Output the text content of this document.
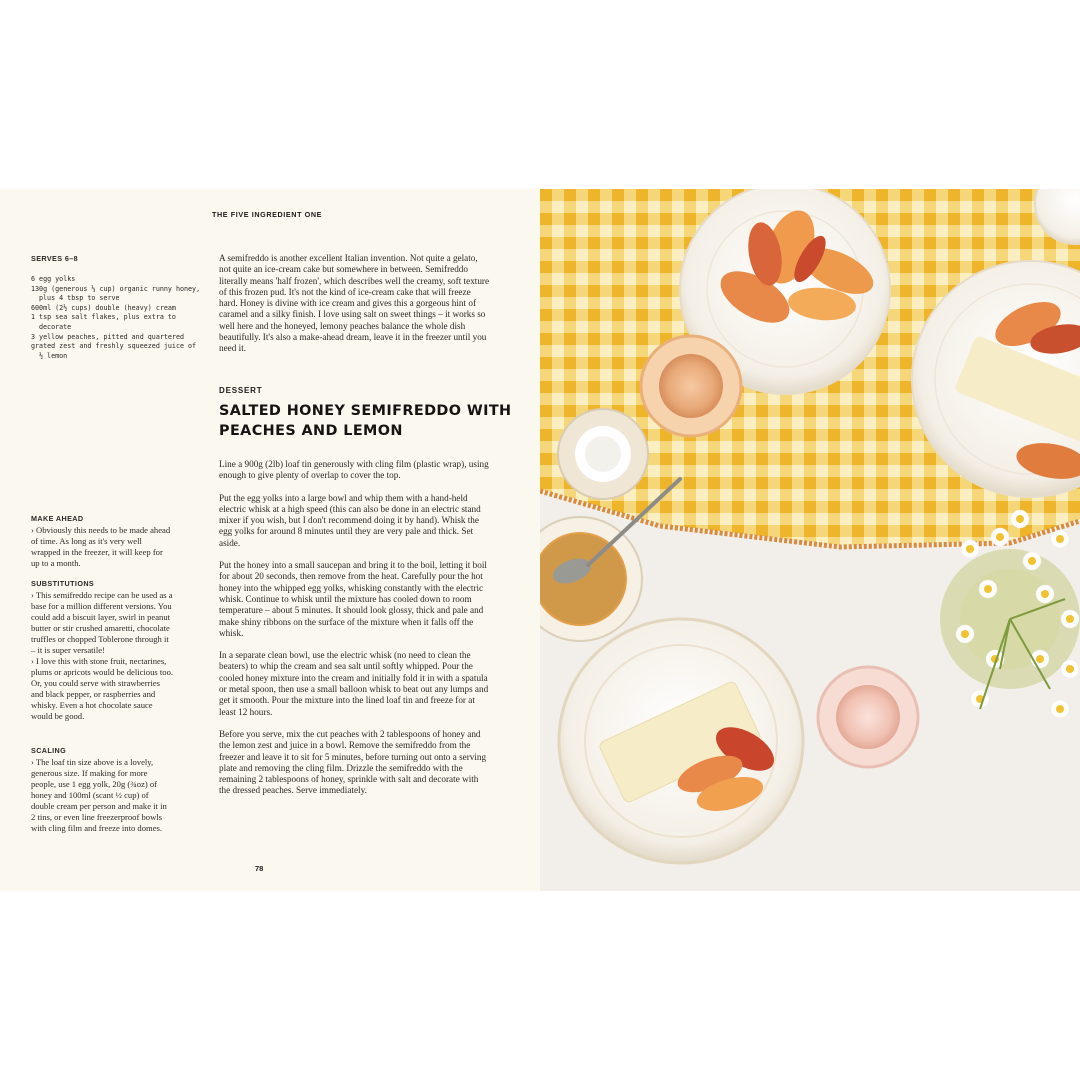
THE FIVE INGREDIENT ONE
SERVES 6–8
6 egg yolks
130g (generous ⅓ cup) organic runny honey, plus 4 tbsp to serve
600ml (2½ cups) double (heavy) cream
1 tsp sea salt flakes, plus extra to decorate
3 yellow peaches, pitted and quartered
grated zest and freshly squeezed juice of ½ lemon
MAKE AHEAD

› Obviously this needs to be made ahead of time. As long as it's very well wrapped in the freezer, it will keep for up to a month.

SUBSTITUTIONS

› This semifreddo recipe can be used as a base for a million different versions. You could add a biscuit layer, swirl in peanut butter or stir crushed amaretti, chocolate truffles or chopped Toblerone through it – it is super versatile!

› I love this with stone fruit, nectarines, plums or apricots would be delicious too. Or, you could serve with strawberries and black pepper, or raspberries and whisky. Even a hot chocolate sauce would be good.

SCALING

› The loaf tin size above is a lovely, generous size. If making for more people, use 1 egg yolk, 20g (¾oz) of honey and 100ml (scant ½ cup) of double cream per person and make it in 2 tins, or even line freezerproof bowls with cling film and freeze into domes.

A semifreddo is another excellent Italian invention. Not quite a gelato, not quite an ice-cream cake but somewhere in between. Semifreddo literally means 'half frozen', which describes well the creamy, soft texture of this frozen pud. It's not the kind of ice-cream cake that will freeze hard. Honey is divine with ice cream and gives this a gorgeous hint of caramel and a silky finish. I love using salt on sweet things – it works so well here and the honeyed, lemony peaches balance the whole dish beautifully. It's also a make-ahead dream, leave it in the freezer until you need it.

DESSERT
SALTED HONEY SEMIFREDDO WITH PEACHES AND LEMON

Line a 900g (2lb) loaf tin generously with cling film (plastic wrap), using enough to give plenty of overlap to cover the top.

Put the egg yolks into a large bowl and whip them with a hand-held electric whisk at a high speed (this can also be done in an electric stand mixer if you wish, but I don't recommend doing it by hand). Whisk the egg yolks for around 8 minutes until they are very pale and thick. Set aside.

Put the honey into a small saucepan and bring it to the boil, letting it boil for about 20 seconds, then remove from the heat. Carefully pour the hot honey into the whipped egg yolks, whisking constantly with the electric whisk. Continue to whisk until the mixture has cooled down to room temperature – about 5 minutes. It should look glossy, thick and pale and make shiny ribbons on the surface of the mixture when it falls off the whisk.

In a separate clean bowl, use the electric whisk (no need to clean the beaters) to whip the cream and sea salt until softly whipped. Pour the cooled honey mixture into the cream and initially fold it in with a spatula or metal spoon, then use a small balloon whisk to beat out any lumps and get it smooth. Pour the mixture into the lined loaf tin and freeze for at least 12 hours.

Before you serve, mix the cut peaches with 2 tablespoons of honey and the lemon zest and juice in a bowl. Remove the semifreddo from the freezer and leave it to sit for 5 minutes, before turning out onto a serving plate and removing the cling film. Drizzle the semifreddo with the remaining 2 tablespoons of honey, sprinkle with salt and decorate with the dressed peaches. Serve immediately.

78
